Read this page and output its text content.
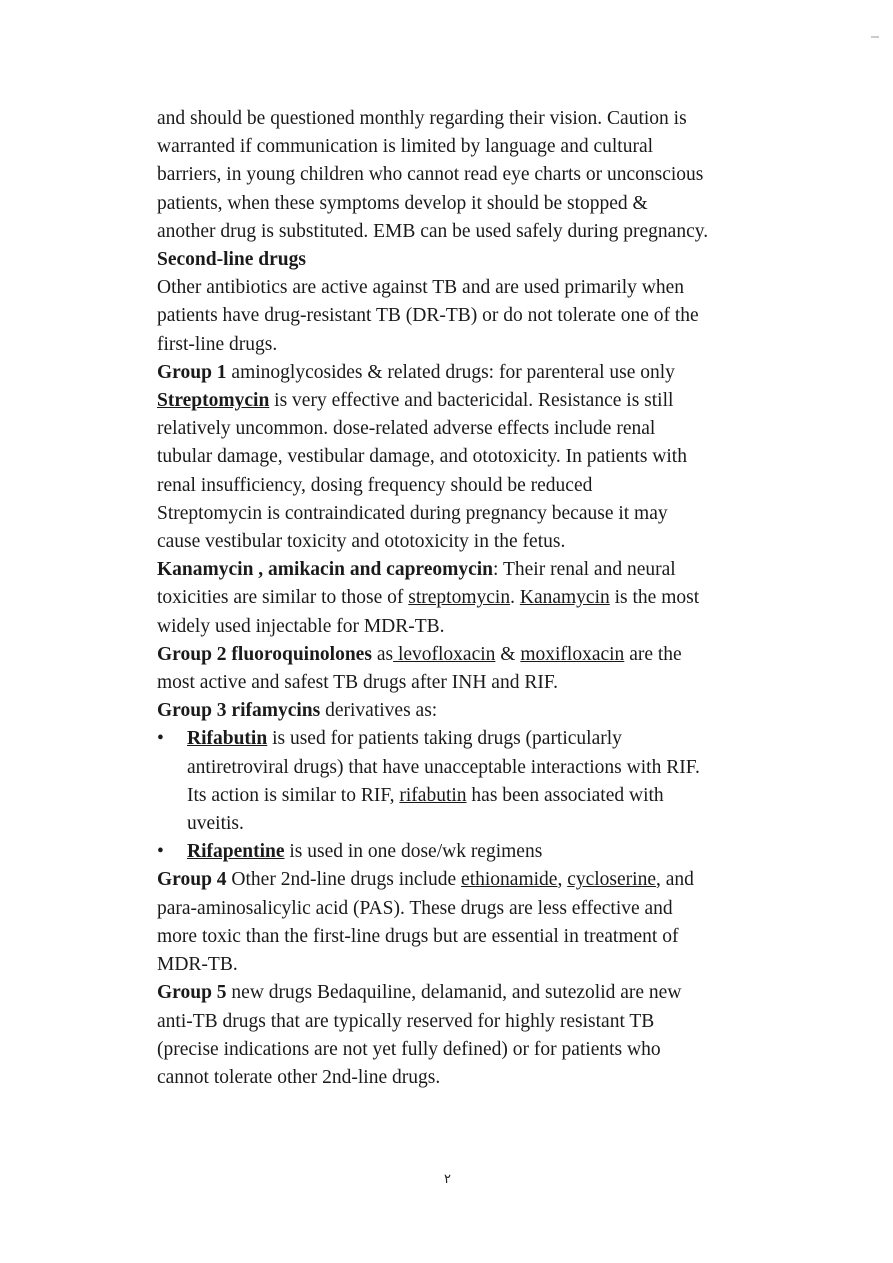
and should be questioned monthly regarding their vision. Caution is
warranted if communication is limited by language and cultural
barriers, in young children who cannot read eye charts or unconscious
patients, when these symptoms develop it should be stopped &
another drug is substituted. EMB can be used safely during pregnancy.
Second-line drugs
Other antibiotics are active against TB and are used primarily when
patients have drug-resistant TB (DR-TB) or do not tolerate one of the
first-line drugs.
Group 1 aminoglycosides & related drugs: for parenteral use only
Streptomycin is very effective and bactericidal. Resistance is still
relatively uncommon. dose-related adverse effects include renal
tubular damage, vestibular damage, and ototoxicity. In patients with
renal insufficiency, dosing frequency should be reduced
Streptomycin is contraindicated during pregnancy because it may
cause vestibular toxicity and ototoxicity in the fetus.
Kanamycin , amikacin and capreomycin: Their renal and neural
toxicities are similar to those of streptomycin. Kanamycin is the most
widely used injectable for MDR-TB.
Group 2 fluoroquinolones as levofloxacin & moxifloxacin are the
most active and safest TB drugs after INH and RIF.
Group 3 rifamycins derivatives as:
• Rifabutin is used for patients taking drugs (particularly
antiretroviral drugs) that have unacceptable interactions with RIF.
Its action is similar to RIF, rifabutin has been associated with
uveitis.
• Rifapentine is used in one dose/wk regimens
Group 4 Other 2nd-line drugs include ethionamide, cycloserine, and
para-aminosalicylic acid (PAS). These drugs are less effective and
more toxic than the first-line drugs but are essential in treatment of
MDR-TB.
Group 5 new drugs Bedaquiline, delamanid, and sutezolid are new
anti-TB drugs that are typically reserved for highly resistant TB
(precise indications are not yet fully defined) or for patients who
cannot tolerate other 2nd-line drugs.
٢
